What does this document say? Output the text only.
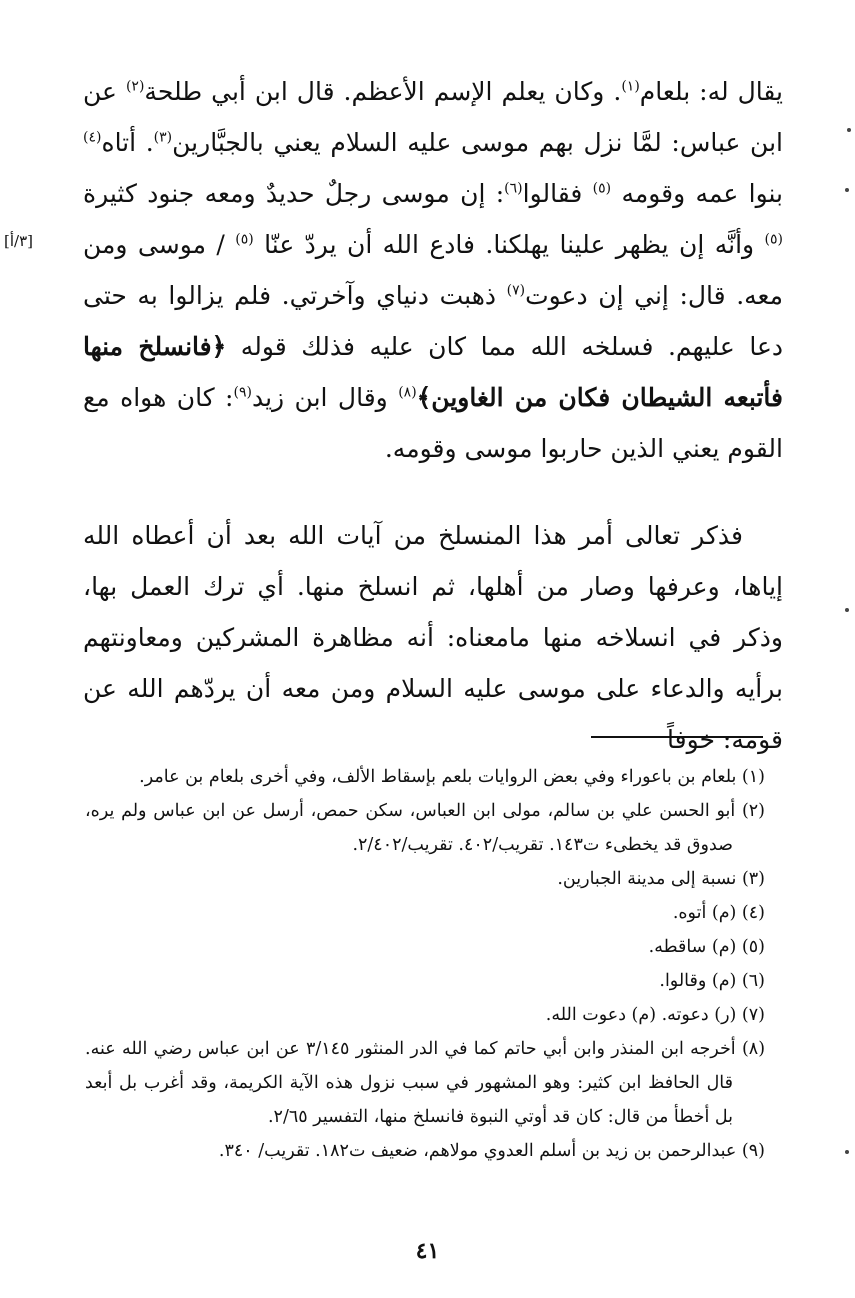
[٣/أ]

يقال له: بلعام$^{(١)}$. وكان يعلم الإسم الأعظم. قال ابن أبي طلحة$^{(٢)}$ عن ابن عباس: لمَّا نزل بهم موسى عليه السلام يعني بالجبَّارين$^{(٣)}$. أتاه$^{(٤)}$ بنوا عمه وقومه $^{(٥)}$ فقالوا$^{(٦)}$: إن موسى رجلٌ حديدٌ ومعه جنود كثيرة $^{(٥)}$ وأنَّه إن يظهر علينا يهلكنا. فادع الله أن يردّ عنّا $^{(٥)}$ / موسى ومن معه. قال: إني إن دعوت$^{(٧)}$ ذهبت دنياي وآخرتي. فلم يزالوا به حتى دعا عليهم. فسلخه الله مما كان عليه فذلك قوله ﴿فانسلخ منها فأتبعه الشيطان فكان من الغاوين﴾$^{(٨)}$ وقال ابن زيد$^{(٩)}$: كان هواه مع القوم يعني الذين حاربوا موسى وقومه.

فذكر تعالى أمر هذا المنسلخ من آيات الله بعد أن أعطاه الله إياها، وعرفها وصار من أهلها، ثم انسلخ منها. أي ترك العمل بها، وذكر في انسلاخه منها مامعناه: أنه مظاهرة المشركين ومعاونتهم برأيه والدعاء على موسى عليه السلام ومن معه أن يردّهم الله عن قومه: خوفاً

(١) بلعام بن باعوراء وفي بعض الروايات بلعم بإسقاط الألف، وفي أخرى بلعام بن عامر.

(٢) أبو الحسن علي بن سالم، مولى ابن العباس، سكن حمص، أرسل عن ابن عباس ولم يره، صدوق قد يخطىء ت١٤٣. تقريب/٤٠٢. تقريب/٢/٤٠٢.

(٣) نسبة إلى مدينة الجبارين.

(٤) (م) أتوه.

(٥) (م) ساقطه.

(٦) (م) وقالوا.

(٧) (ر) دعوته. (م) دعوت الله.

(٨) أخرجه ابن المنذر وابن أبي حاتم كما في الدر المنثور ٣/١٤٥ عن ابن عباس رضي الله عنه. قال الحافظ ابن كثير: وهو المشهور في سبب نزول هذه الآية الكريمة، وقد أغرب بل أبعد بل أخطأ من قال: كان قد أوتي النبوة فانسلخ منها، التفسير ٢/٦٥.

(٩) عبدالرحمن بن زيد بن أسلم العدوي مولاهم، ضعيف ت١٨٢. تقريب/ ٣٤٠.

٤١
